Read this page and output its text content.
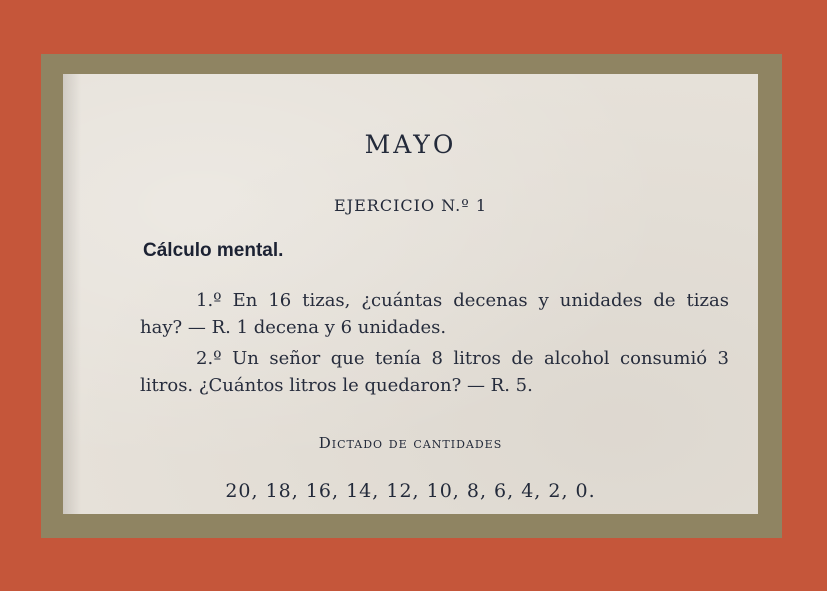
MAYO
EJERCICIO N.º 1
Cálculo mental.
1.º En 16 tizas, ¿cuántas decenas y unidades de tizas hay? — R. 1 decena y 6 unidades.
2.º Un señor que tenía 8 litros de alcohol consumió 3 litros. ¿Cuántos litros le quedaron? — R. 5.
Dictado de cantidades
20, 18, 16, 14, 12, 10, 8, 6, 4, 2, 0.
